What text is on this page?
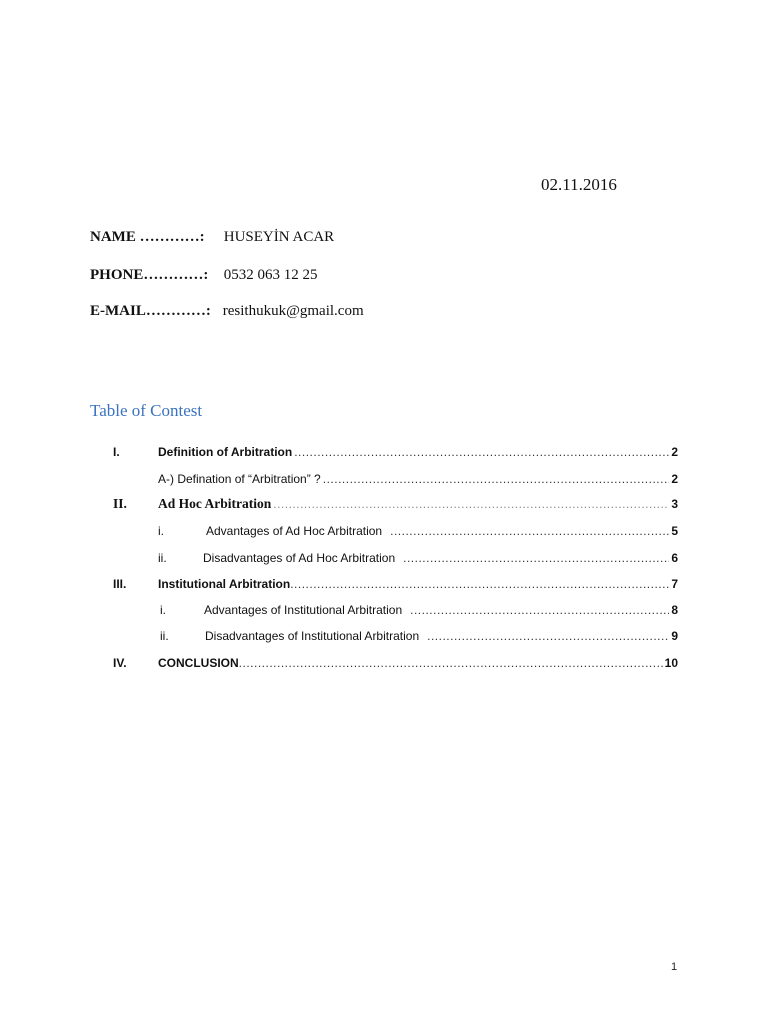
02.11.2016
NAME …………: HUSEYİN ACAR
PHONE…………: 0532 063 12 25
E-MAIL…………: resithukuk@gmail.com
Table of Contest
I.	Definition of Arbitration .....	2
A-) Defination of “Arbitration” ? .....	2
II. Ad Hoc Arbitration .....	3
i.	Advantages of Ad Hoc Arbitration .....	5
ii.	Disadvantages of Ad Hoc Arbitration .....	6
III.	Institutional Arbitration .....	7
i.	Advantages of Institutional Arbitration .....	8
ii.	Disadvantages of Institutional Arbitration .....	9
IV.	CONCLUSION .....	10
1
